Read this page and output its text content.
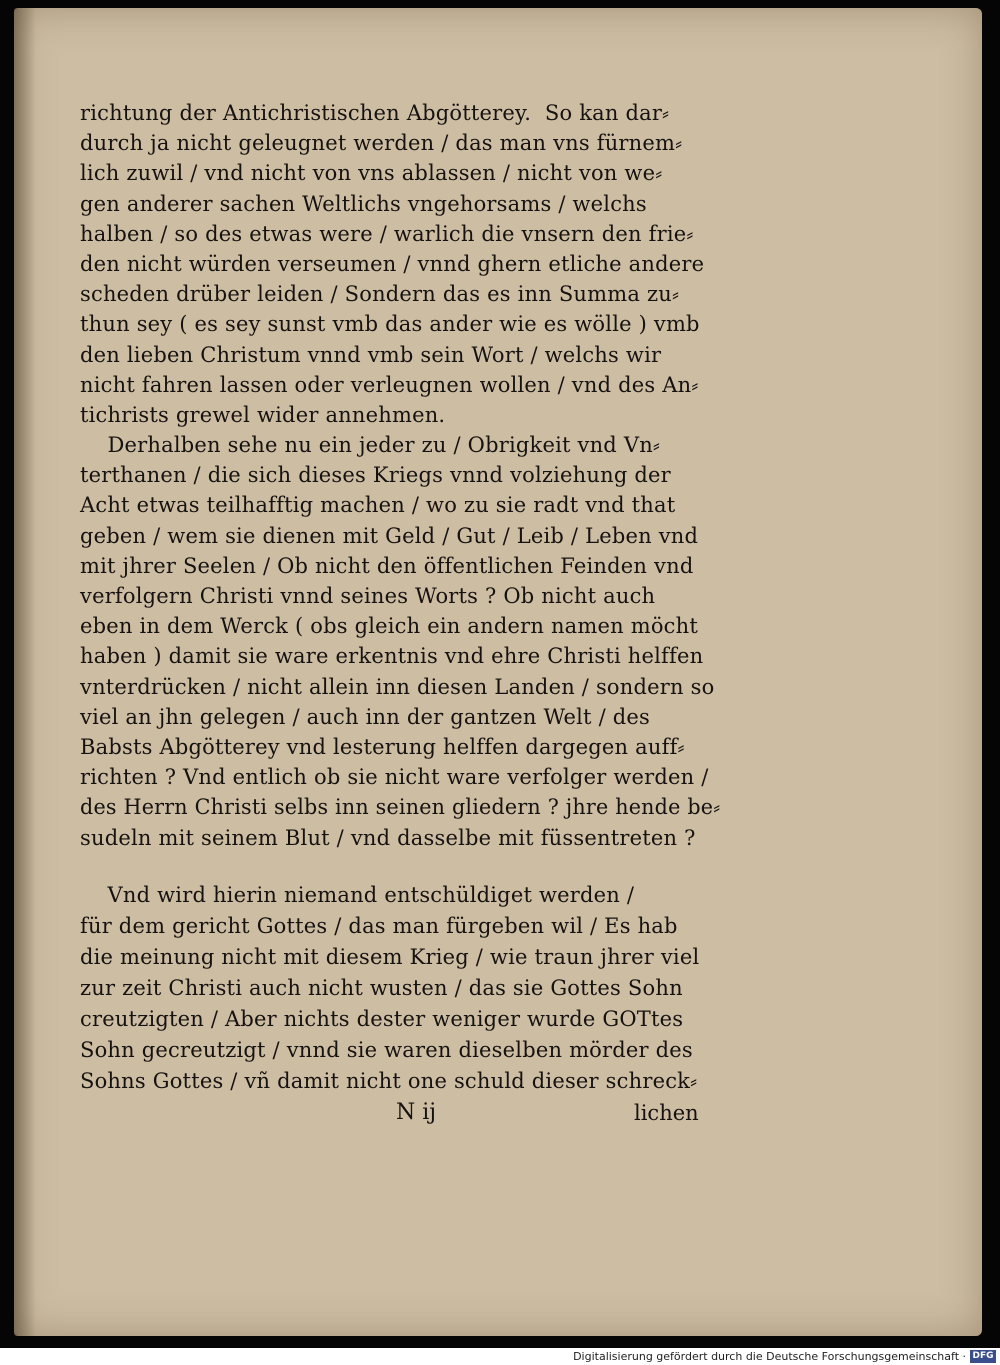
richtung der Antichristischen Abgötterey.  So kan dar⸗
durch ja nicht geleugnet werden / das man vns fürnem⸗
lich zuwil / vnd nicht von vns ablassen / nicht von we⸗
gen anderer sachen Weltlichs vngehorsams / welchs
halben / so des etwas were / warlich die vnsern den frie⸗
den nicht würden verseumen / vnnd ghern etliche andere
scheden drüber leiden / Sondern das es inn Summa zu⸗
thun sey ( es sey sunst vmb das ander wie es wölle ) vmb
den lieben Christum vnnd vmb sein Wort / welchs wir
nicht fahren lassen oder verleugnen wollen / vnd des An⸗
tichrists grewel wider annehmen.
Derhalben sehe nu ein jeder zu / Obrigkeit vnd Vn⸗
terthanen / die sich dieses Kriegs vnnd volziehung der
Acht etwas teilhafftig machen / wo zu sie radt vnd that
geben / wem sie dienen mit Geld / Gut / Leib / Leben vnd
mit jhrer Seelen / Ob nicht den öffentlichen Feinden vnd
verfolgern Christi vnnd seines Worts ? Ob nicht auch
eben in dem Werck ( obs gleich ein andern namen möcht
haben ) damit sie ware erkentnis vnd ehre Christi helffen
vnterdrücken / nicht allein inn diesen Landen / sondern so
viel an jhn gelegen / auch inn der gantzen Welt / des
Babsts Abgötterey vnd lesterung helffen dargegen auff⸗
richten ? Vnd entlich ob sie nicht ware verfolger werden /
des Herrn Christi selbs inn seinen gliedern ? jhre hende be⸗
sudeln mit seinem Blut / vnd dasselbe mit füssentreten ?
Vnd wird hierin niemand entschüldiget werden /
für dem gericht Gottes / das man fürgeben wil / Es hab
die meinung nicht mit diesem Krieg / wie traun jhrer viel
zur zeit Christi auch nicht wusten / das sie Gottes Sohn
creutzigten / Aber nichts dester weniger wurde GOTtes
Sohn gecreutzigt / vnnd sie waren dieselben mörder des
Sohns Gottes / vñ damit nicht one schuld dieser schreck⸗
N ij	lichen
Digitalisierung gefördert durch die Deutsche Forschungsgemeinschaft · DFG
